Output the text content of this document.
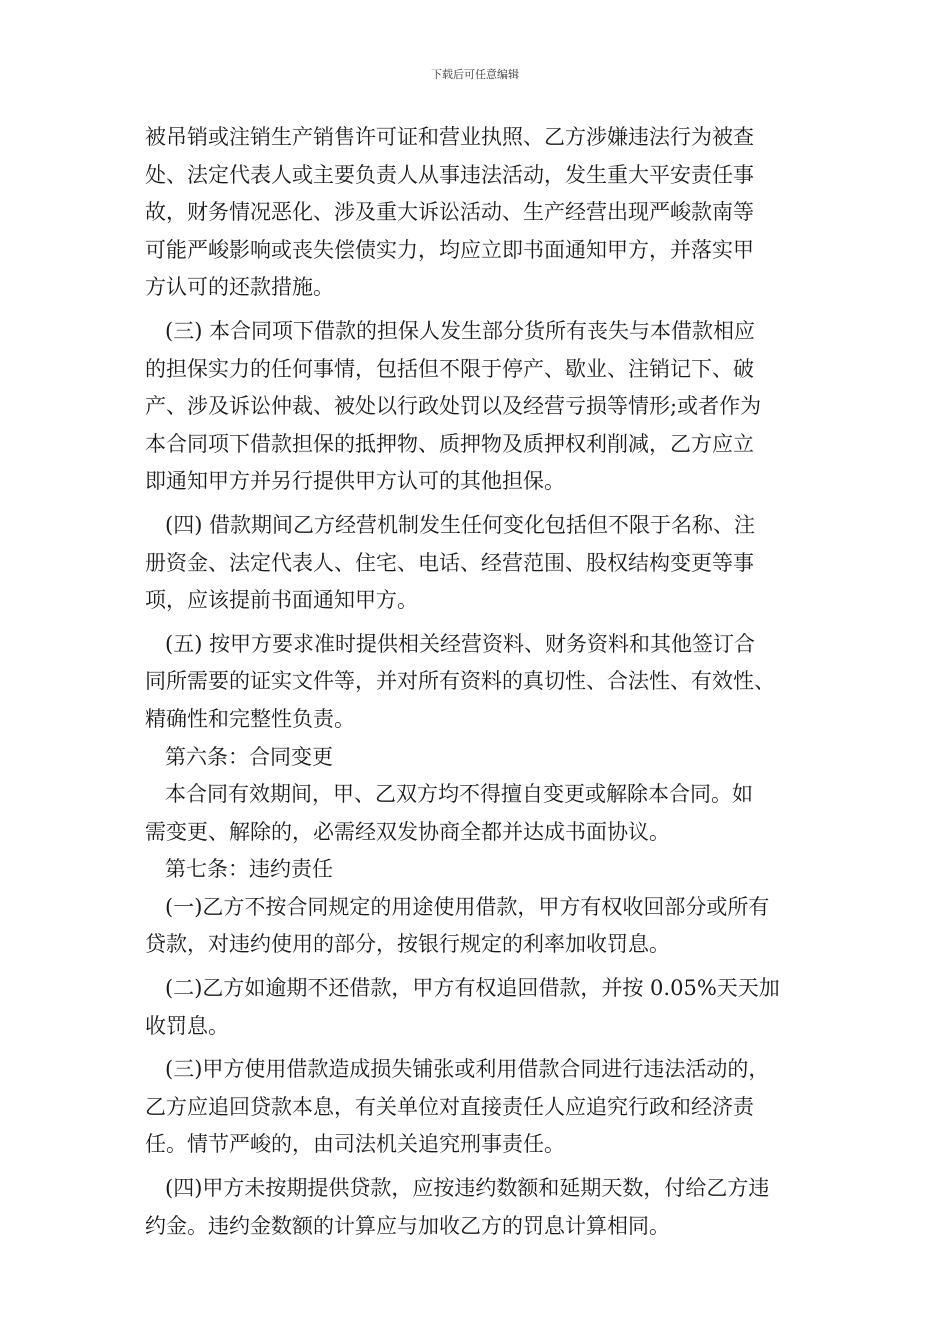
下载后可任意编辑
被吊销或注销生产销售许可证和营业执照、乙方涉嫌违法行为被查
处、法定代表人或主要负责人从事违法活动，发生重大平安责任事
故，财务情况恶化、涉及重大诉讼活动、生产经营出现严峻款南等
可能严峻影响或丧失偿债实力，均应立即书面通知甲方，并落实甲
方认可的还款措施。
(三) 本合同项下借款的担保人发生部分货所有丧失与本借款相应
的担保实力的任何事情，包括但不限于停产、歇业、注销记下、破
产、涉及诉讼仲裁、被处以行政处罚以及经营亏损等情形;或者作为
本合同项下借款担保的抵押物、质押物及质押权利削减，乙方应立
即通知甲方并另行提供甲方认可的其他担保。
(四) 借款期间乙方经营机制发生任何变化包括但不限于名称、注
册资金、法定代表人、住宅、电话、经营范围、股权结构变更等事
项，应该提前书面通知甲方。
(五) 按甲方要求准时提供相关经营资料、财务资料和其他签订合
同所需要的证实文件等，并对所有资料的真切性、合法性、有效性、
精确性和完整性负责。
第六条：合同变更
本合同有效期间，甲、乙双方均不得擅自变更或解除本合同。如
需变更、解除的，必需经双发协商全都并达成书面协议。
第七条：违约责任
(一)乙方不按合同规定的用途使用借款，甲方有权收回部分或所有
贷款，对违约使用的部分，按银行规定的利率加收罚息。
(二)乙方如逾期不还借款，甲方有权追回借款，并按 0.05%天天加
收罚息。
(三)甲方使用借款造成损失铺张或利用借款合同进行违法活动的，
乙方应追回贷款本息，有关单位对直接责任人应追究行政和经济责
任。情节严峻的，由司法机关追究刑事责任。
(四)甲方未按期提供贷款，应按违约数额和延期天数，付给乙方违
约金。违约金数额的计算应与加收乙方的罚息计算相同。
